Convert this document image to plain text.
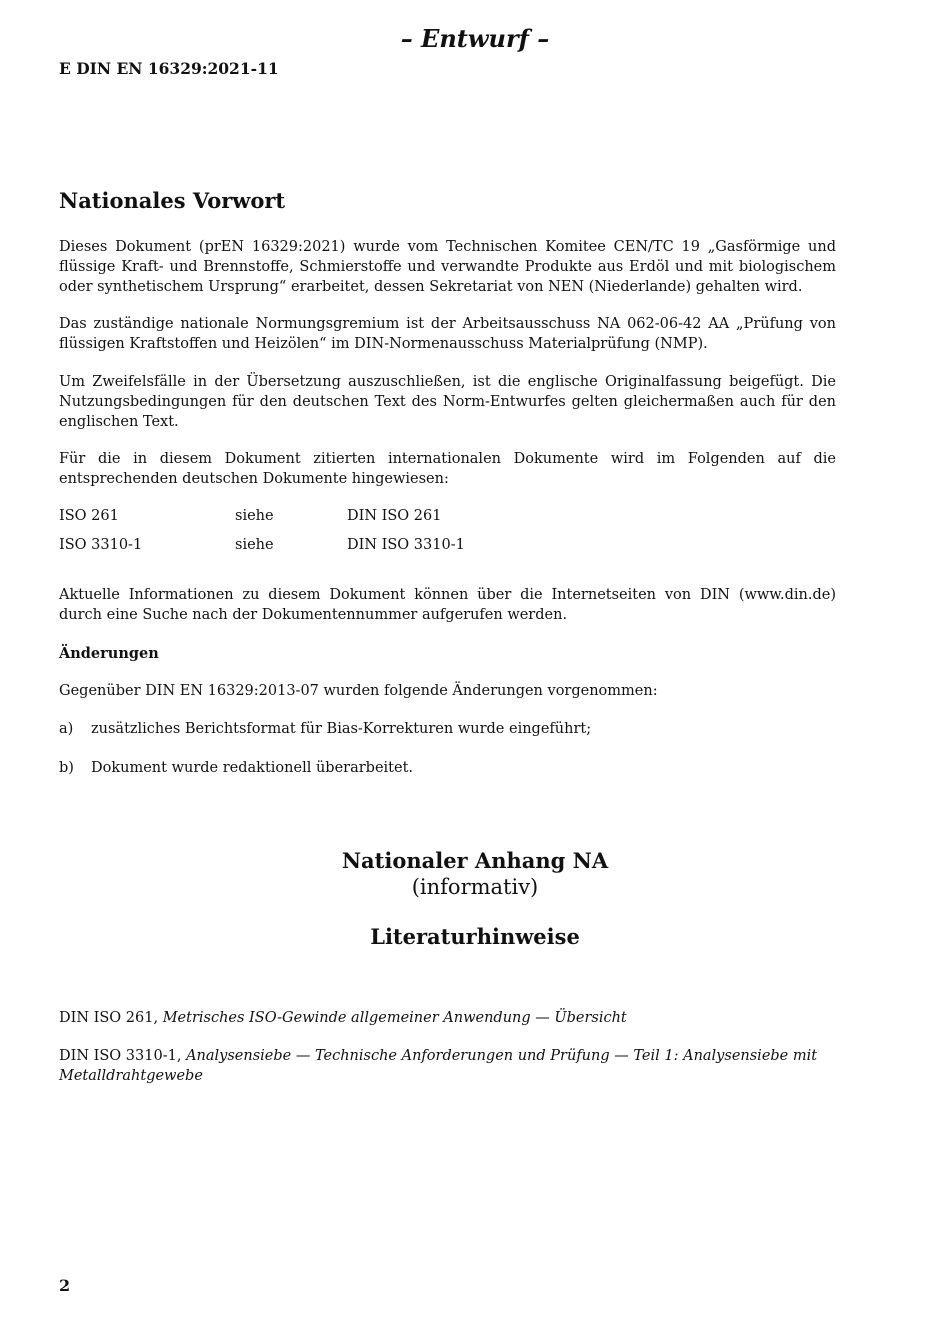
– Entwurf –
E DIN EN 16329:2021-11
Nationales Vorwort

Dieses Dokument (prEN 16329:2021) wurde vom Technischen Komitee CEN/TC 19 „Gasförmige und flüssige Kraft- und Brennstoffe, Schmierstoffe und verwandte Produkte aus Erdöl und mit biologischem oder synthetischem Ursprung“ erarbeitet, dessen Sekretariat von NEN (Niederlande) gehalten wird.

Das zuständige nationale Normungsgremium ist der Arbeitsausschuss NA 062-06-42 AA „Prüfung von flüssigen Kraftstoffen und Heizölen“ im DIN-Normenausschuss Materialprüfung (NMP).

Um Zweifelsfälle in der Übersetzung auszuschließen, ist die englische Originalfassung beigefügt. Die Nutzungsbedingungen für den deutschen Text des Norm-Entwurfes gelten gleichermaßen auch für den englischen Text.

Für die in diesem Dokument zitierten internationalen Dokumente wird im Folgenden auf die entsprechenden deutschen Dokumente hingewiesen:

ISO 261	siehe	DIN ISO 261
ISO 3310-1	siehe	DIN ISO 3310-1

Aktuelle Informationen zu diesem Dokument können über die Internetseiten von DIN (www.din.de) durch eine Suche nach der Dokumentennummer aufgerufen werden.

Änderungen

Gegenüber DIN EN 16329:2013-07 wurden folgende Änderungen vorgenommen:

a)	zusätzliches Berichtsformat für Bias-Korrekturen wurde eingeführt;
b)	Dokument wurde redaktionell überarbeitet.
Nationaler Anhang NA
(informativ)
Literaturhinweise
DIN ISO 261, Metrisches ISO-Gewinde allgemeiner Anwendung — Übersicht
DIN ISO 3310-1, Analysensiebe — Technische Anforderungen und Prüfung — Teil 1: Analysensiebe mit Metalldrahtgewebe
2
